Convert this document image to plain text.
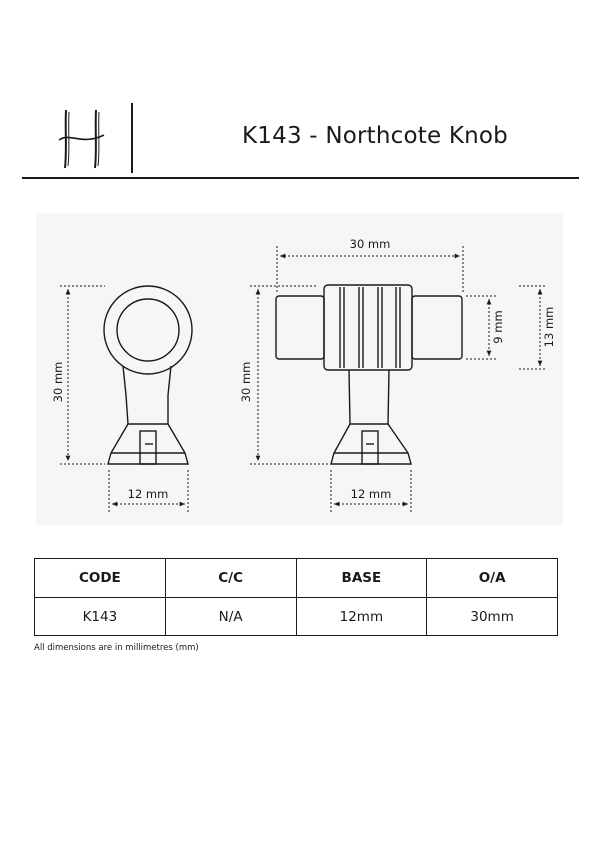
K143 - Northcote Knob
30 mm
12 mm
30 mm
30 mm
12 mm
9 mm	13 mm
CODE	C/C	BASE	O/A
K143	N/A	12mm	30mm
All dimensions are in millimetres (mm)
